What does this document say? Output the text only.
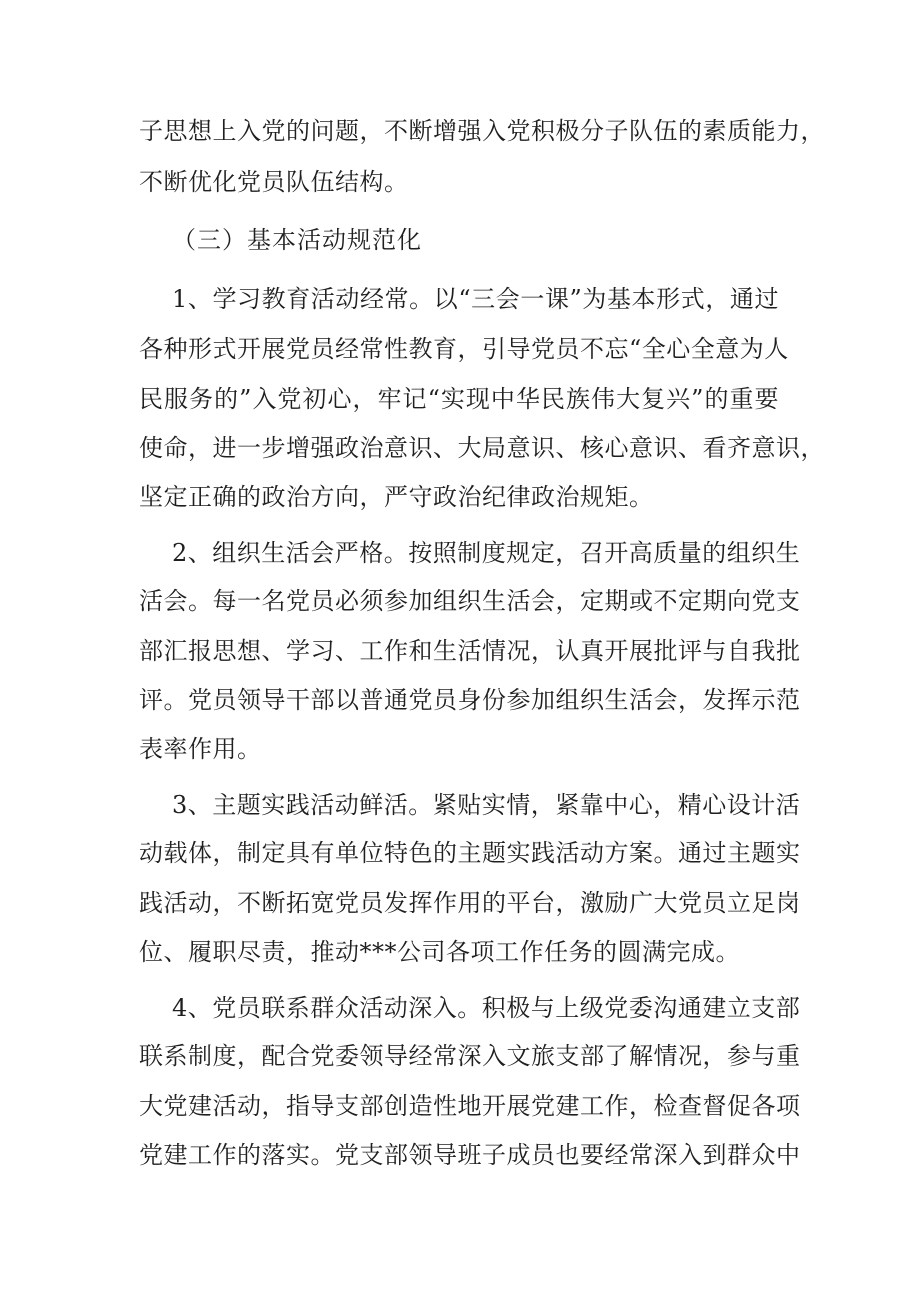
子思想上入党的问题，不断增强入党积极分子队伍的素质能力，
不断优化党员队伍结构。
（三）基本活动规范化
1、学习教育活动经常。以“三会一课”为基本形式，通过
各种形式开展党员经常性教育，引导党员不忘“全心全意为人
民服务的”入党初心，牢记“实现中华民族伟大复兴”的重要
使命，进一步增强政治意识、大局意识、核心意识、看齐意识，
坚定正确的政治方向，严守政治纪律政治规矩。
2、组织生活会严格。按照制度规定，召开高质量的组织生
活会。每一名党员必须参加组织生活会，定期或不定期向党支
部汇报思想、学习、工作和生活情况，认真开展批评与自我批
评。党员领导干部以普通党员身份参加组织生活会，发挥示范
表率作用。
3、主题实践活动鲜活。紧贴实情，紧靠中心，精心设计活
动载体，制定具有单位特色的主题实践活动方案。通过主题实
践活动，不断拓宽党员发挥作用的平台，激励广大党员立足岗
位、履职尽责，推动***公司各项工作任务的圆满完成。
4、党员联系群众活动深入。积极与上级党委沟通建立支部
联系制度，配合党委领导经常深入文旅支部了解情况，参与重
大党建活动，指导支部创造性地开展党建工作，检查督促各项
党建工作的落实。党支部领导班子成员也要经常深入到群众中
